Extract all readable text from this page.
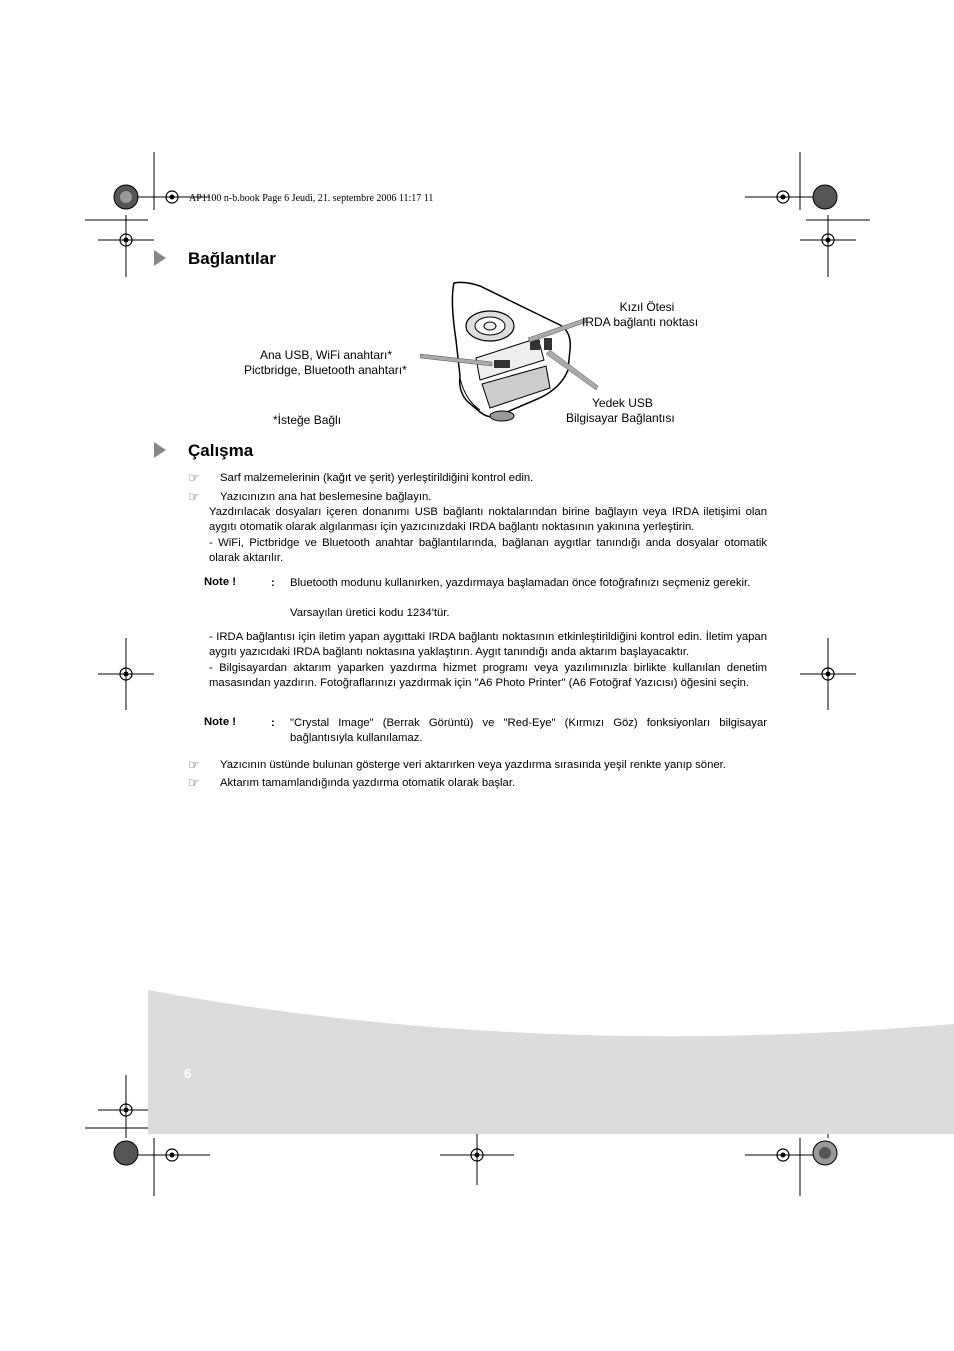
AP1100 n-b.book Page 6 Jeudi, 21. septembre 2006 11:17 11
Bağlantılar
Kızıl Ötesi
IRDA bağlantı noktası
Ana USB, WiFi anahtarı*
Pictbridge, Bluetooth anahtarı*
*İsteğe Bağlı
Yedek USB
Bilgisayar Bağlantısı
Çalışma
☞	Sarf malzemelerinin (kağıt ve şerit) yerleştirildiğini kontrol edin.
☞	Yazıcınızın ana hat beslemesine bağlayın.
Yazdırılacak dosyaları içeren donanımı USB bağlantı noktalarından birine bağlayın veya IRDA iletişimi olan aygıtı otomatik olarak algılanması için yazıcınızdaki IRDA bağlantı noktasının yakınına yerleştirin.
- WiFi, Pictbridge ve Bluetooth anahtar bağlantılarında, bağlanan aygıtlar tanındığı anda dosyalar otomatik olarak aktarılır.
Note !	: Bluetooth modunu kullanırken, yazdırmaya başlamadan önce fotoğrafınızı seçmeniz gerekir.
Varsayılan üretici kodu 1234'tür.
- IRDA bağlantısı için iletim yapan aygıttaki IRDA bağlantı noktasının etkinleştirildiğini kontrol edin. İletim yapan aygıtı yazıcıdaki IRDA bağlantı noktasına yaklaştırın. Aygıt tanındığı anda aktarım başlayacaktır.
- Bilgisayardan aktarım yaparken yazdırma hizmet programı veya yazılımınızla birlikte kullanılan denetim masasından yazdırın. Fotoğraflarınızı yazdırmak için "A6 Photo Printer" (A6 Fotoğraf Yazıcısı) öğesini seçin.
Note !	: "Crystal Image" (Berrak Görüntü) ve "Red-Eye" (Kırmızı Göz) fonksiyonları bilgisayar bağlantısıyla kullanılamaz.
☞	Yazıcının üstünde bulunan gösterge veri aktarırken veya yazdırma sırasında yeşil renkte yanıp söner.
☞	Aktarım tamamlandığında yazdırma otomatik olarak başlar.
6
